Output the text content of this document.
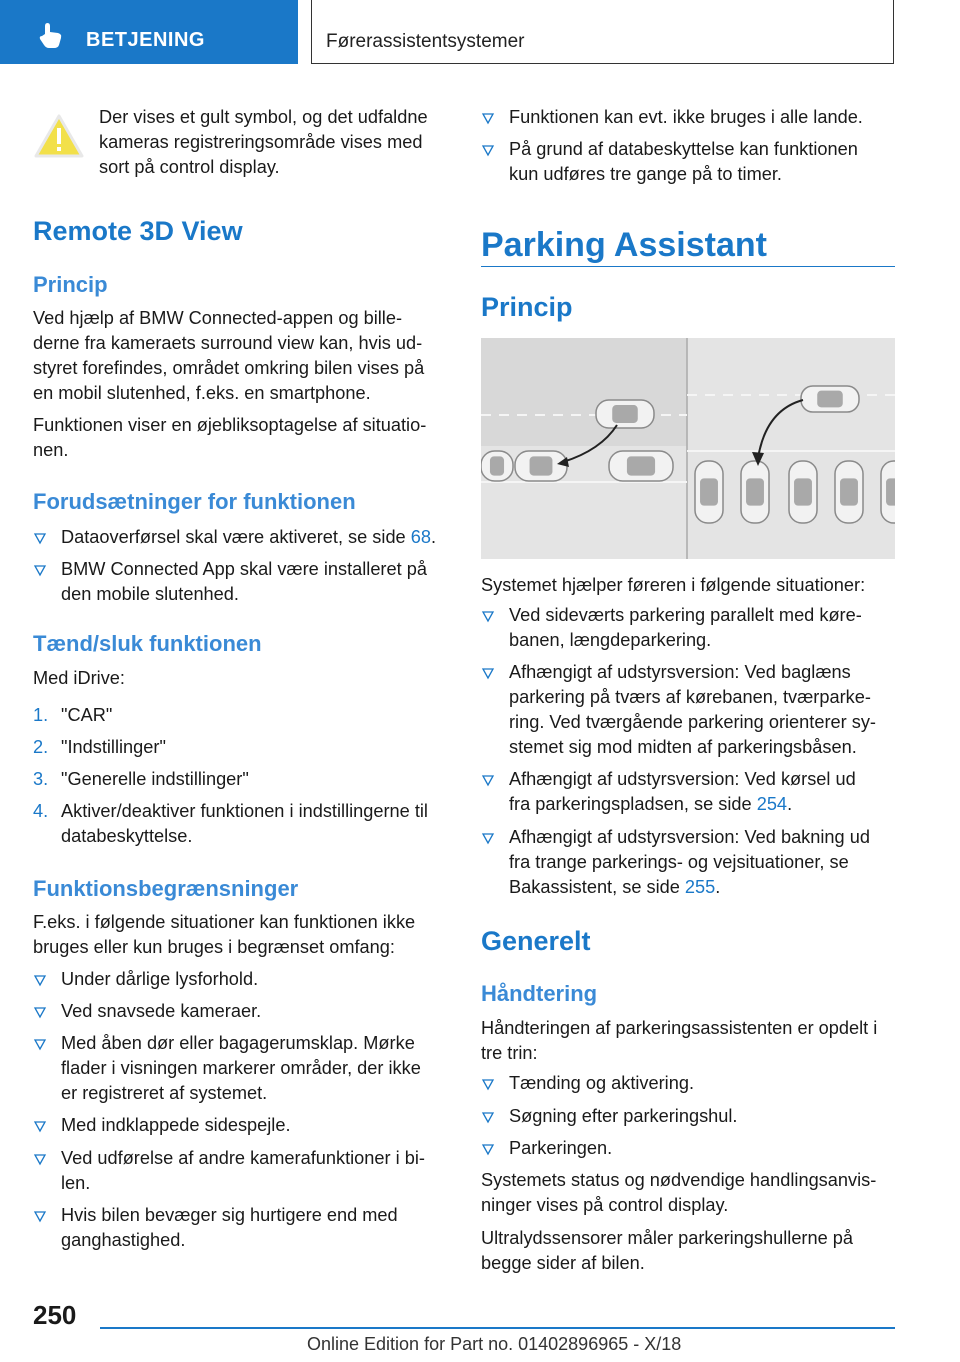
BETJENING	Førerassistentsystemer

Der vises et gult symbol, og det udfaldne

kameras registreringsområde vises med

sort på control display.

Remote 3D View
Princip

Ved hjælp af BMW Connected-appen og bille-

derne fra kameraets surround view kan, hvis ud-

styret forefindes, området omkring bilen vises på

en mobil slutenhed, f.eks. en smartphone.

Funktionen viser en øjebliksoptagelse af situatio-

nen.

Forudsætninger for funktionen

Dataoverførsel skal være aktiveret, se side 68.

BMW Connected App skal være installeret på

den mobile slutenhed.

Tænd/sluk funktionen

Med iDrive:

1. "CAR"

2. "Indstillinger"

3. "Generelle indstillinger"

4. Aktiver/deaktiver funktionen i indstillingerne til

databeskyttelse.

Funktionsbegrænsninger

F.eks. i følgende situationer kan funktionen ikke

bruges eller kun bruges i begrænset omfang:

Under dårlige lysforhold.

Ved snavsede kameraer.

Med åben dør eller bagagerumsklap. Mørke

flader i visningen markerer områder, der ikke

er registreret af systemet.

Med indklappede sidespejle.

Ved udførelse af andre kamerafunktioner i bi-

len.

Hvis bilen bevæger sig hurtigere end med

ganghastighed.

Funktionen kan evt. ikke bruges i alle lande.

På grund af databeskyttelse kan funktionen

kun udføres tre gange på to timer.

Parking Assistant
Princip

Systemet hjælper føreren i følgende situationer:

Ved sideværts parkering parallelt med køre-

banen, længdeparkering.

Afhængigt af udstyrsversion: Ved baglæns

parkering på tværs af kørebanen, tværparke-

ring. Ved tværgående parkering orienterer sy-

stemet sig mod midten af parkeringsbåsen.

Afhængigt af udstyrsversion: Ved kørsel ud

fra parkeringspladsen, se side 254.

Afhængigt af udstyrsversion: Ved bakning ud

fra trange parkerings- og vejsituationer, se

Bakassistent, se side 255.

Generelt
Håndtering

Håndteringen af parkeringsassistenten er opdelt i

tre trin:

Tænding og aktivering.

Søgning efter parkeringshul.

Parkeringen.

Systemets status og nødvendige handlingsanvis-

ninger vises på control display.

Ultralydssensorer måler parkeringshullerne på

begge sider af bilen.

250
Online Edition for Part no. 01402896965 - X/18
